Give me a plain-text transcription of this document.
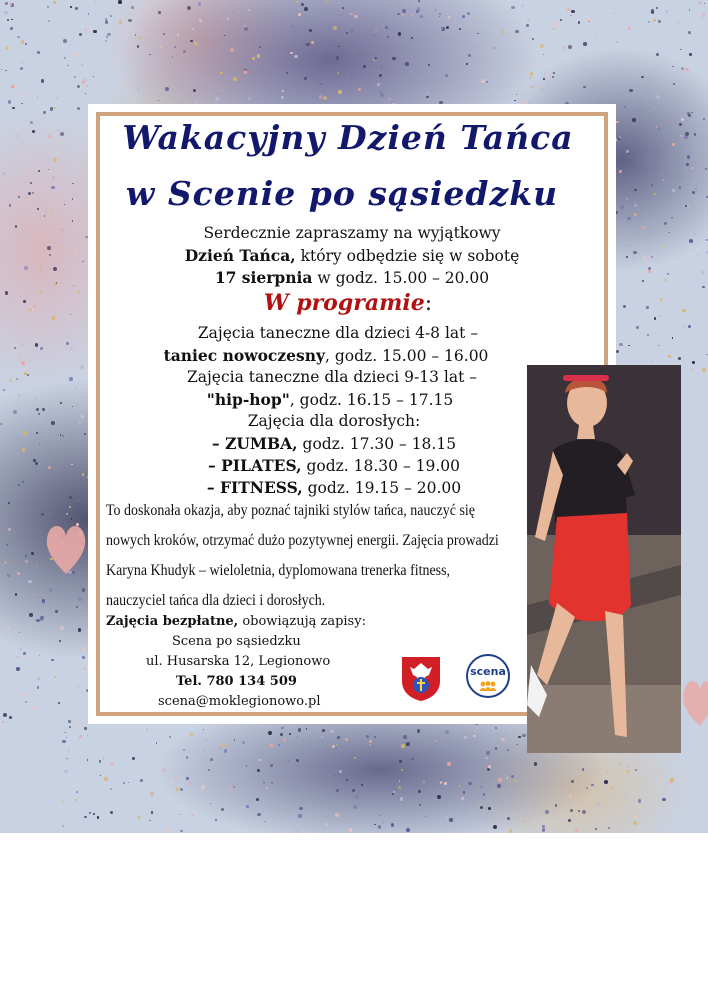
Wakacyjny Dzień Tańca
w Scenie po sąsiedzku
Serdecznie zapraszamy na wyjątkowy
Dzień Tańca, który odbędzie się w sobotę
17 sierpnia w godz. 15.00 – 20.00
W programie:
Zajęcia taneczne dla dzieci 4-8 lat –
taniec nowoczesny, godz. 15.00 – 16.00
Zajęcia taneczne dla dzieci 9-13 lat –
"hip-hop", godz. 16.15 – 17.15
Zajęcia dla dorosłych:
– ZUMBA, godz. 17.30 – 18.15
– PILATES, godz. 18.30 – 19.00
– FITNESS, godz. 19.15 – 20.00
To doskonała okazja, aby poznać tajniki stylów tańca, nauczyć się
nowych kroków, otrzymać dużo pozytywnej energii. Zajęcia prowadzi
Karyna Khudyk – wieloletnia, dyplomowana trenerka fitness,
nauczyciel tańca dla dzieci i dorosłych.
Zajęcia bezpłatne, obowiązują zapisy:
Scena po sąsiedzku
ul. Husarska 12, Legionowo
Tel. 780 134 509
scena@moklegionowo.pl
scena
